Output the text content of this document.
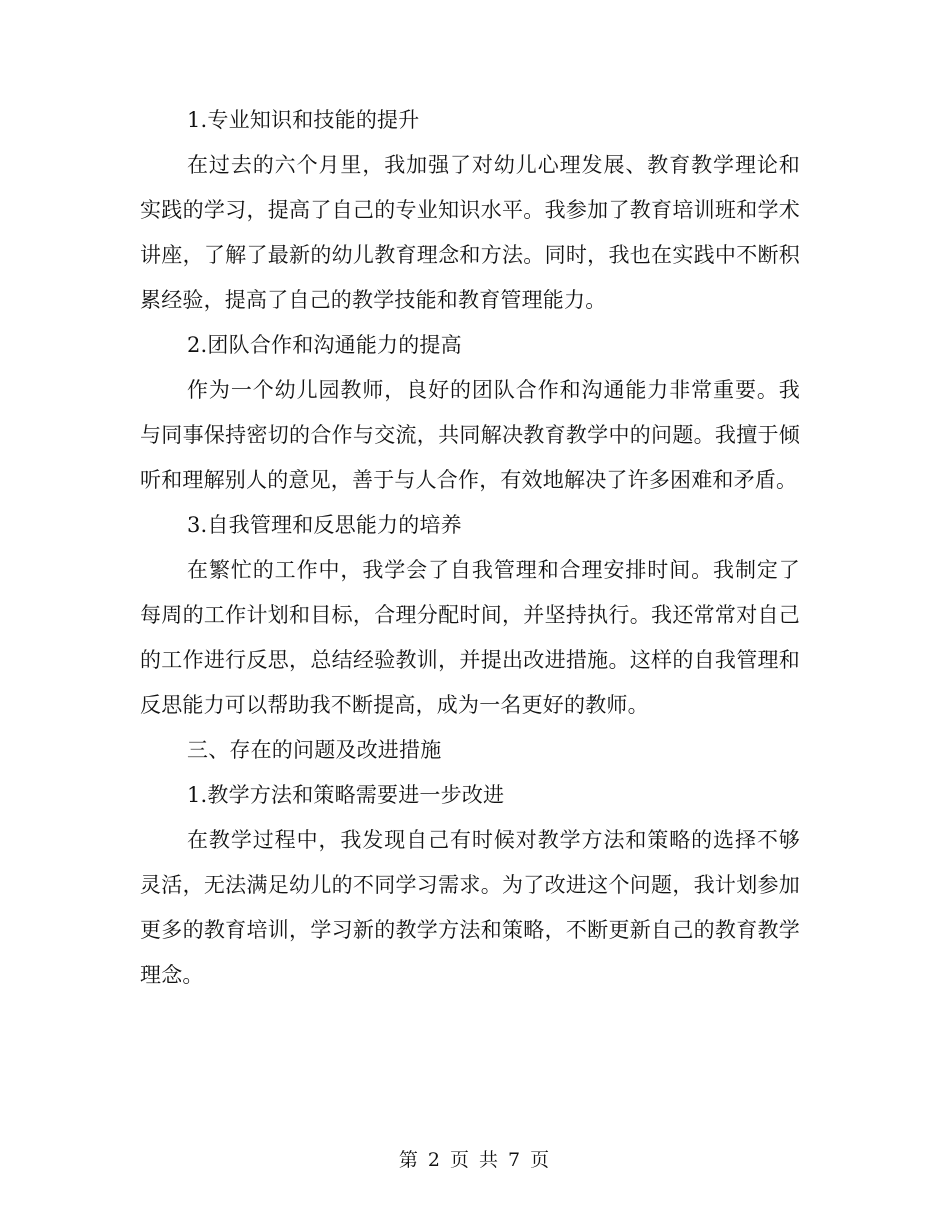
1.专业知识和技能的提升

在过去的六个月里，我加强了对幼儿心理发展、教育教学理论和实践的学习，提高了自己的专业知识水平。我参加了教育培训班和学术讲座，了解了最新的幼儿教育理念和方法。同时，我也在实践中不断积累经验，提高了自己的教学技能和教育管理能力。

2.团队合作和沟通能力的提高

作为一个幼儿园教师，良好的团队合作和沟通能力非常重要。我与同事保持密切的合作与交流，共同解决教育教学中的问题。我擅于倾听和理解别人的意见，善于与人合作，有效地解决了许多困难和矛盾。

3.自我管理和反思能力的培养

在繁忙的工作中，我学会了自我管理和合理安排时间。我制定了每周的工作计划和目标，合理分配时间，并坚持执行。我还常常对自己的工作进行反思，总结经验教训，并提出改进措施。这样的自我管理和反思能力可以帮助我不断提高，成为一名更好的教师。

三、存在的问题及改进措施

1.教学方法和策略需要进一步改进

在教学过程中，我发现自己有时候对教学方法和策略的选择不够灵活，无法满足幼儿的不同学习需求。为了改进这个问题，我计划参加更多的教育培训，学习新的教学方法和策略，不断更新自己的教育教学理念。

第 2 页 共 7 页
